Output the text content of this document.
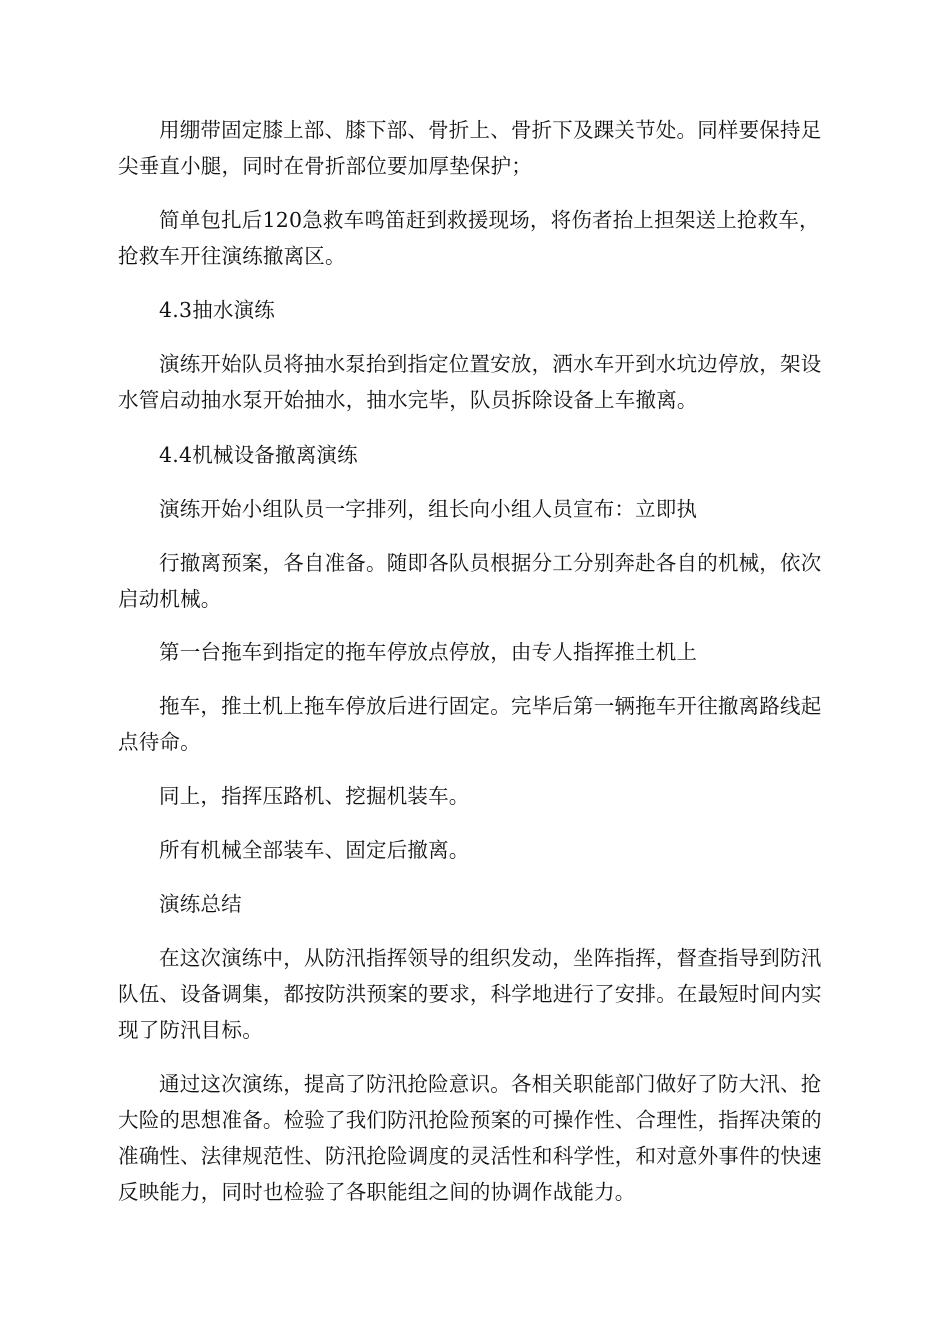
用绷带固定膝上部、膝下部、骨折上、骨折下及踝关节处。同样要保持足尖垂直小腿，同时在骨折部位要加厚垫保护；

简单包扎后120急救车鸣笛赶到救援现场，将伤者抬上担架送上抢救车，抢救车开往演练撤离区。

4.3抽水演练

演练开始队员将抽水泵抬到指定位置安放，洒水车开到水坑边停放，架设水管启动抽水泵开始抽水，抽水完毕，队员拆除设备上车撤离。

4.4机械设备撤离演练

演练开始小组队员一字排列，组长向小组人员宣布：立即执

行撤离预案，各自准备。随即各队员根据分工分别奔赴各自的机械，依次启动机械。

第一台拖车到指定的拖车停放点停放，由专人指挥推土机上

拖车，推土机上拖车停放后进行固定。完毕后第一辆拖车开往撤离路线起点待命。

同上，指挥压路机、挖掘机装车。

所有机械全部装车、固定后撤离。

演练总结

在这次演练中，从防汛指挥领导的组织发动，坐阵指挥，督查指导到防汛队伍、设备调集，都按防洪预案的要求，科学地进行了安排。在最短时间内实现了防汛目标。

通过这次演练，提高了防汛抢险意识。各相关职能部门做好了防大汛、抢大险的思想准备。检验了我们防汛抢险预案的可操作性、合理性，指挥决策的准确性、法律规范性、防汛抢险调度的灵活性和科学性，和对意外事件的快速反映能力，同时也检验了各职能组之间的协调作战能力。
